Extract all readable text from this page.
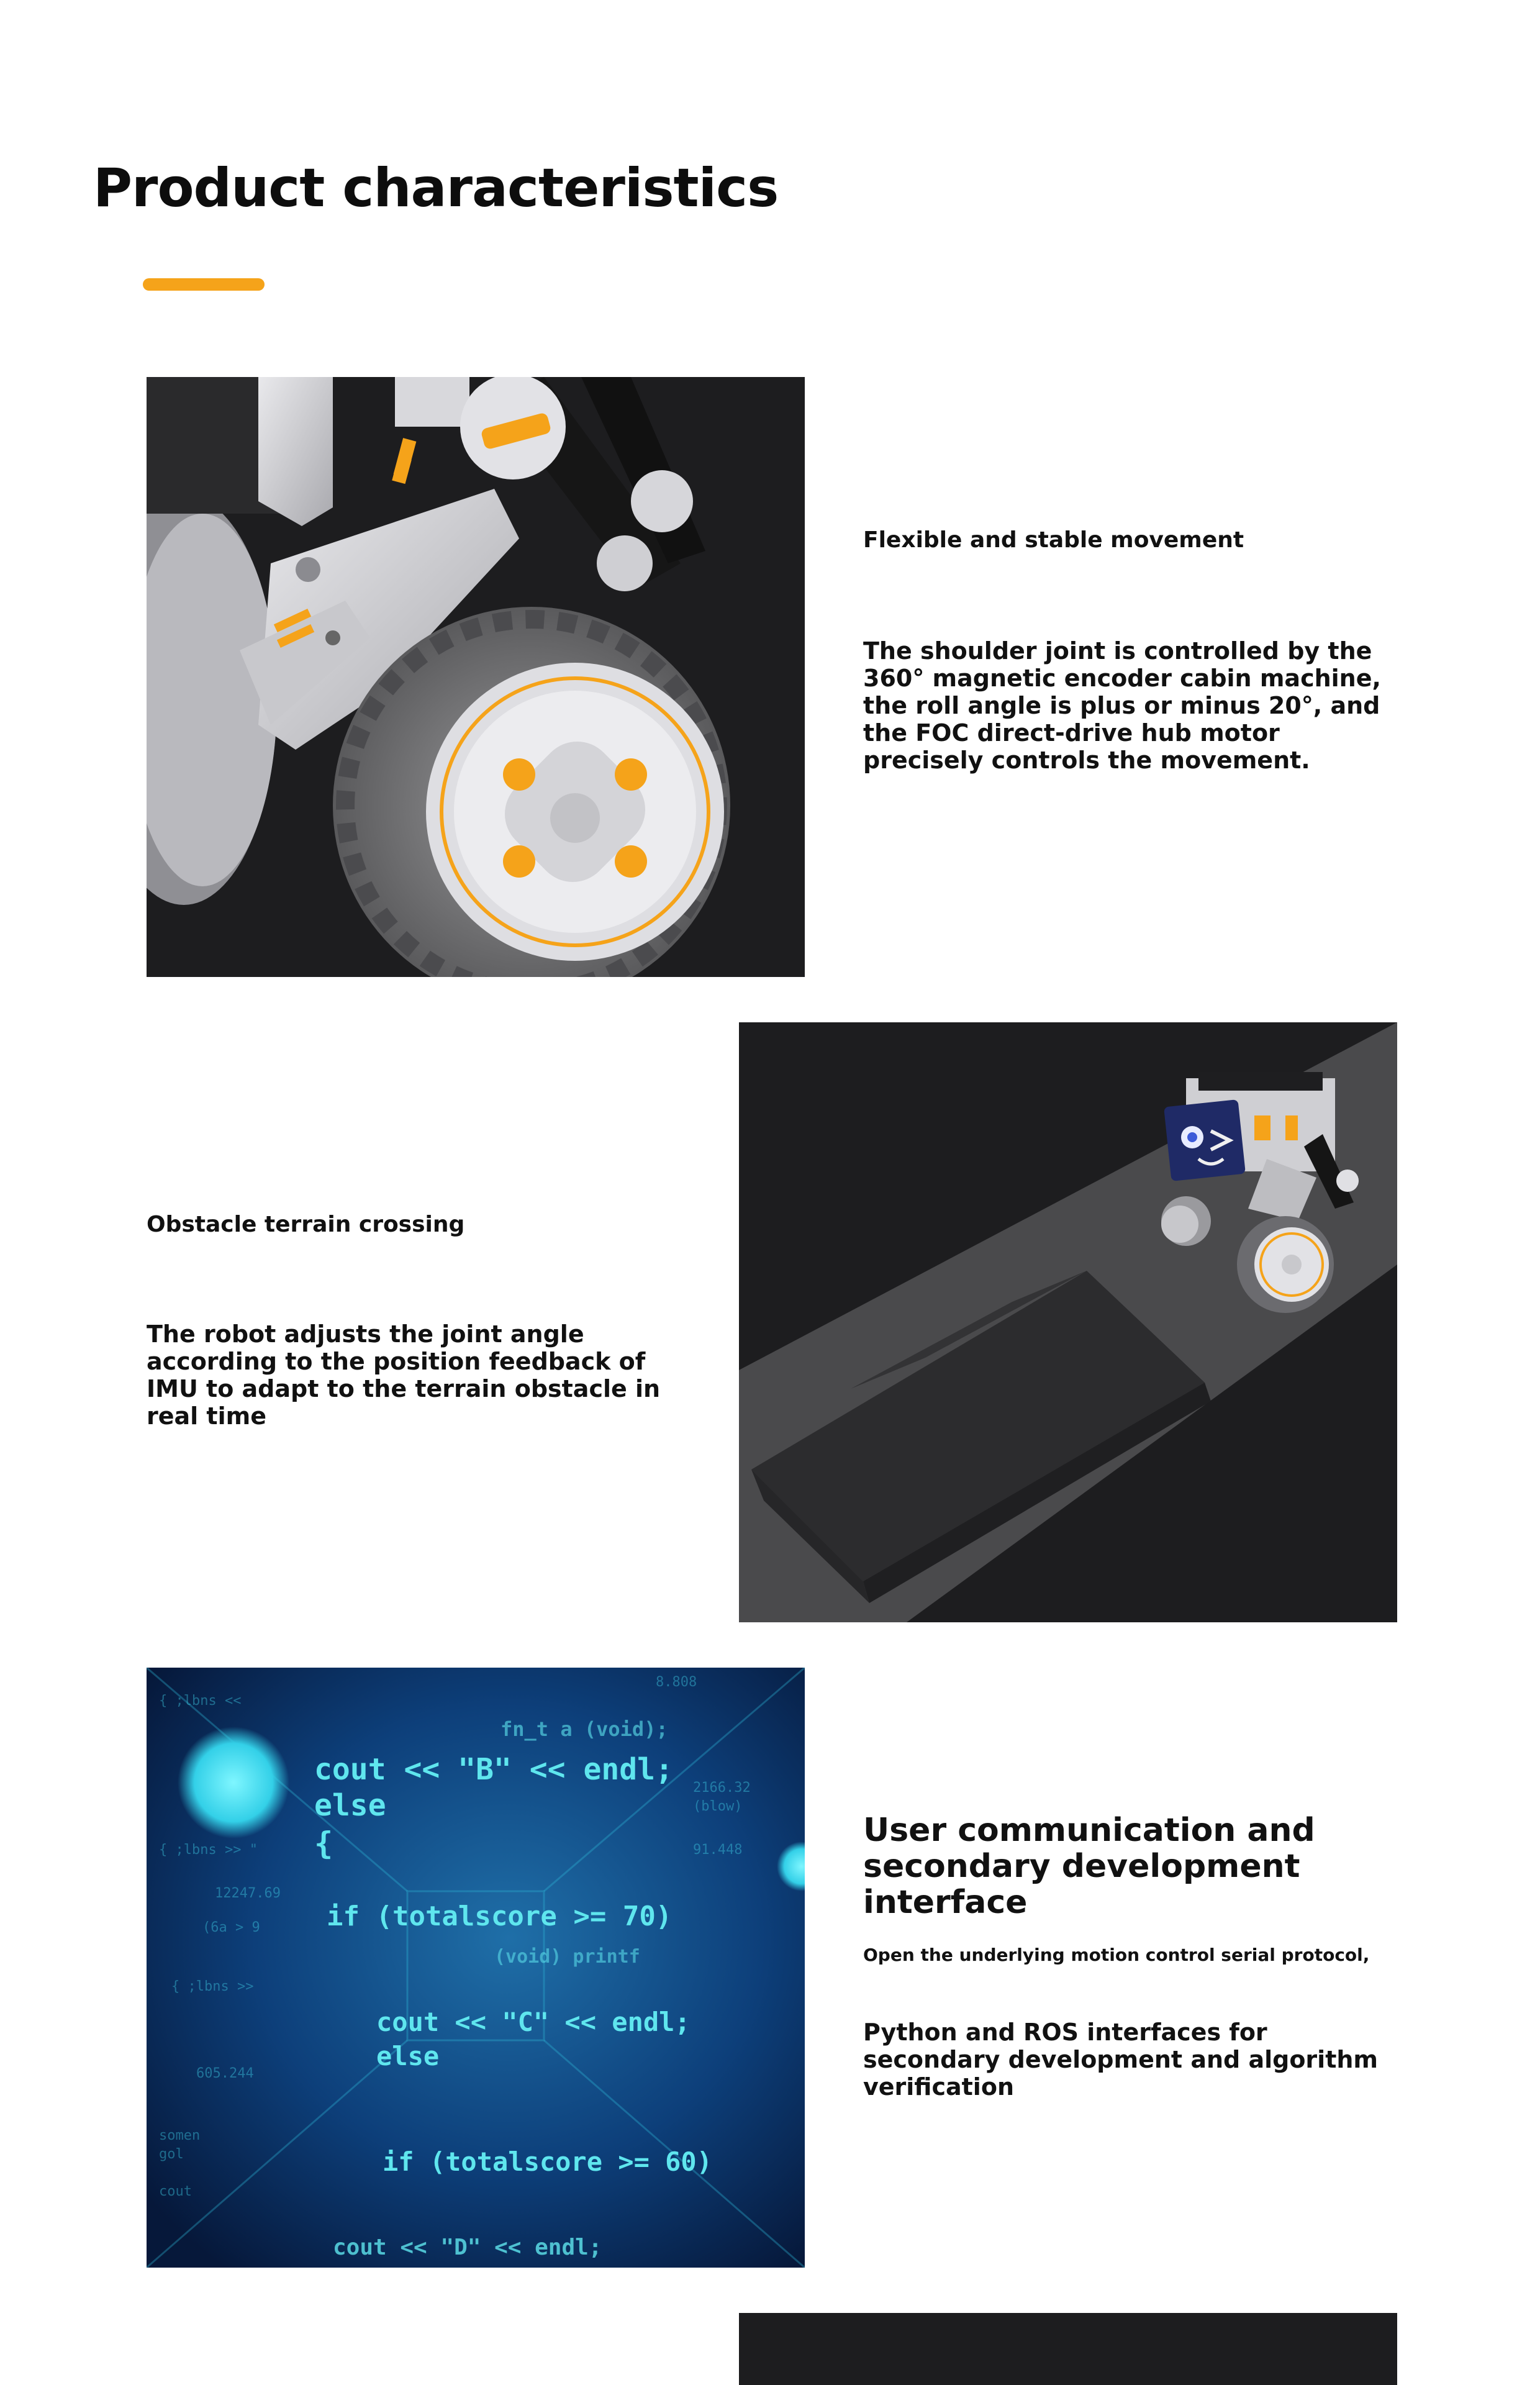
Product characteristics

Flexible and stable movement

The shoulder joint is controlled by the 360° magnetic encoder cabin machine, the roll angle is plus or minus 20°, and the FOC direct-drive hub motor precisely controls the movement.

Obstacle terrain crossing

The robot adjusts the joint angle according to the position feedback of IMU to adapt to the terrain obstacle in real time

cout << "B" << endl;
else
{
if (totalscore >= 70)
cout << "C" << endl;
else
(void) printf
fn_t a (void);
if (totalscore >= 60)
cout << "D" << endl;
{ ;lbns <<
{ ;lbns >> "
12247.69
(6a > 9
{ ;lbns >>
605.244
somen
gol
cout
91.448
(blow)
8.808
2166.32

User communication and secondary development interface

Open the underlying motion control serial protocol,

Python and ROS interfaces for secondary development and algorithm verification
